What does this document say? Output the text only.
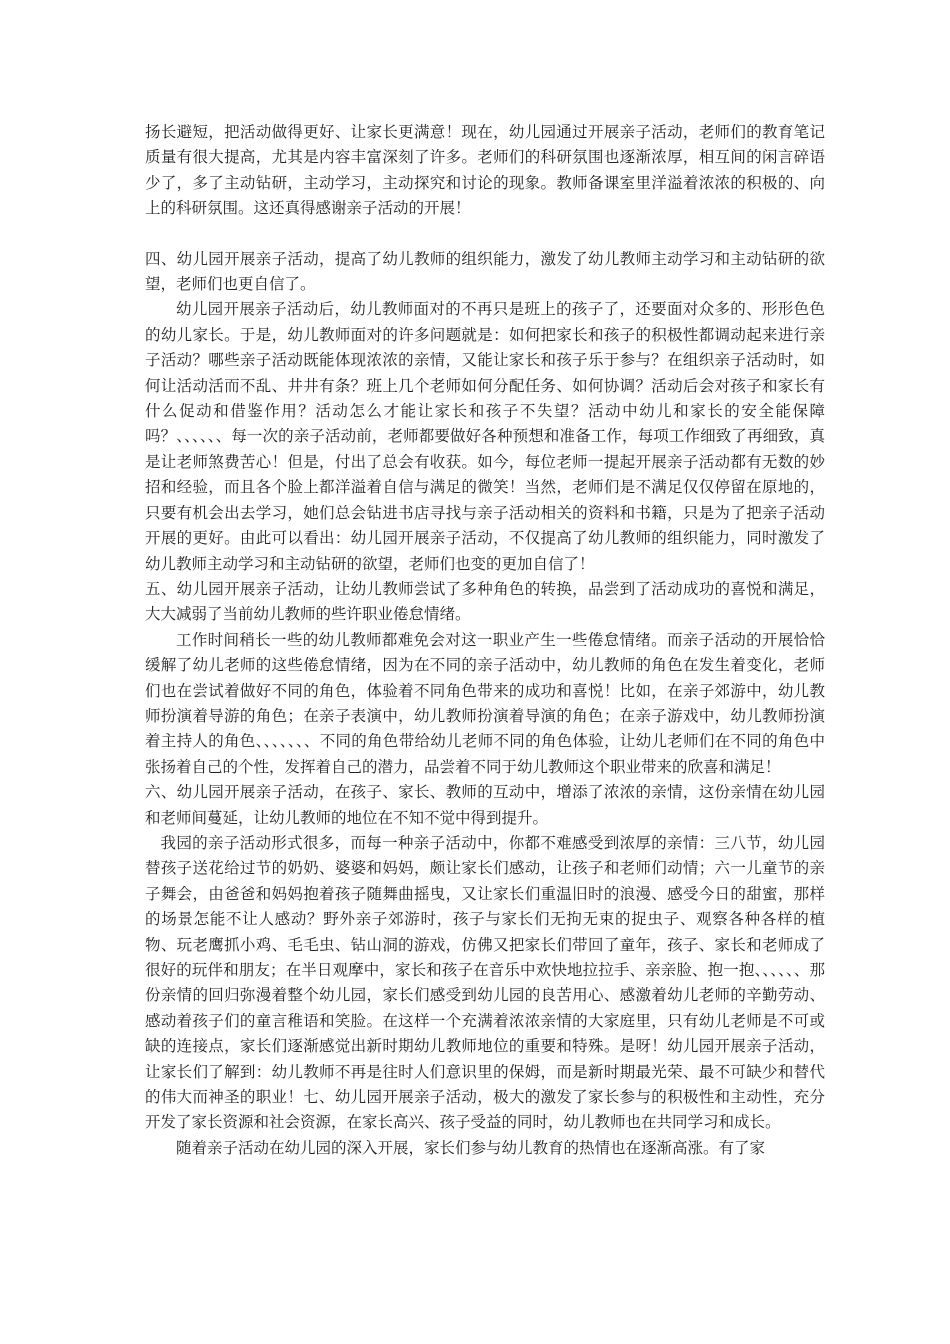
扬长避短，把活动做得更好、让家长更满意！现在，幼儿园通过开展亲子活动，老师们的教育笔记质量有很大提高，尤其是内容丰富深刻了许多。老师们的科研氛围也逐渐浓厚，相互间的闲言碎语少了，多了主动钻研，主动学习，主动探究和讨论的现象。教师备课室里洋溢着浓浓的积极的、向上的科研氛围。这还真得感谢亲子活动的开展！

四、幼儿园开展亲子活动，提高了幼儿教师的组织能力，激发了幼儿教师主动学习和主动钻研的欲望，老师们也更自信了。

幼儿园开展亲子活动后，幼儿教师面对的不再只是班上的孩子了，还要面对众多的、形形色色的幼儿家长。于是，幼儿教师面对的许多问题就是：如何把家长和孩子的积极性都调动起来进行亲子活动？哪些亲子活动既能体现浓浓的亲情，又能让家长和孩子乐于参与？在组织亲子活动时，如何让活动活而不乱、井井有条？班上几个老师如何分配任务、如何协调？活动后会对孩子和家长有什么促动和借鉴作用？活动怎么才能让家长和孩子不失望？活动中幼儿和家长的安全能保障吗？、、、、、、每一次的亲子活动前，老师都要做好各种预想和准备工作，每项工作细致了再细致，真是让老师煞费苦心！但是，付出了总会有收获。如今，每位老师一提起开展亲子活动都有无数的妙招和经验，而且各个脸上都洋溢着自信与满足的微笑！当然，老师们是不满足仅仅停留在原地的，只要有机会出去学习，她们总会钻进书店寻找与亲子活动相关的资料和书籍，只是为了把亲子活动开展的更好。由此可以看出：幼儿园开展亲子活动，不仅提高了幼儿教师的组织能力，同时激发了幼儿教师主动学习和主动钻研的欲望，老师们也变的更加自信了！

五、幼儿园开展亲子活动，让幼儿教师尝试了多种角色的转换，品尝到了活动成功的喜悦和满足，大大减弱了当前幼儿教师的些许职业倦怠情绪。

工作时间稍长一些的幼儿教师都难免会对这一职业产生一些倦怠情绪。而亲子活动的开展恰恰缓解了幼儿老师的这些倦怠情绪，因为在不同的亲子活动中，幼儿教师的角色在发生着变化，老师们也在尝试着做好不同的角色，体验着不同角色带来的成功和喜悦！比如，在亲子郊游中，幼儿教师扮演着导游的角色；在亲子表演中，幼儿教师扮演着导演的角色；在亲子游戏中，幼儿教师扮演着主持人的角色、、、、、、、不同的角色带给幼儿老师不同的角色体验，让幼儿老师们在不同的角色中张扬着自己的个性，发挥着自己的潜力，品尝着不同于幼儿教师这个职业带来的欣喜和满足！

六、幼儿园开展亲子活动，在孩子、家长、教师的互动中，增添了浓浓的亲情，这份亲情在幼儿园和老师间蔓延，让幼儿教师的地位在不知不觉中得到提升。

我园的亲子活动形式很多，而每一种亲子活动中，你都不难感受到浓厚的亲情：三八节，幼儿园替孩子送花给过节的奶奶、婆婆和妈妈，颇让家长们感动，让孩子和老师们动情；六一儿童节的亲子舞会，由爸爸和妈妈抱着孩子随舞曲摇曳，又让家长们重温旧时的浪漫、感受今日的甜蜜，那样的场景怎能不让人感动？野外亲子郊游时，孩子与家长们无拘无束的捉虫子、观察各种各样的植物、玩老鹰抓小鸡、毛毛虫、钻山洞的游戏，仿佛又把家长们带回了童年，孩子、家长和老师成了很好的玩伴和朋友；在半日观摩中，家长和孩子在音乐中欢快地拉拉手、亲亲脸、抱一抱、、、、、、那份亲情的回归弥漫着整个幼儿园，家长们感受到幼儿园的良苦用心、感激着幼儿老师的辛勤劳动、感动着孩子们的童言稚语和笑脸。在这样一个充满着浓浓亲情的大家庭里，只有幼儿老师是不可或缺的连接点，家长们逐渐感觉出新时期幼儿教师地位的重要和特殊。是呀！幼儿园开展亲子活动，让家长们了解到：幼儿教师不再是往时人们意识里的保姆，而是新时期最光荣、最不可缺少和替代的伟大而神圣的职业！七、幼儿园开展亲子活动，极大的激发了家长参与的积极性和主动性，充分开发了家长资源和社会资源，在家长高兴、孩子受益的同时，幼儿教师也在共同学习和成长。

随着亲子活动在幼儿园的深入开展，家长们参与幼儿教育的热情也在逐渐高涨。有了家
